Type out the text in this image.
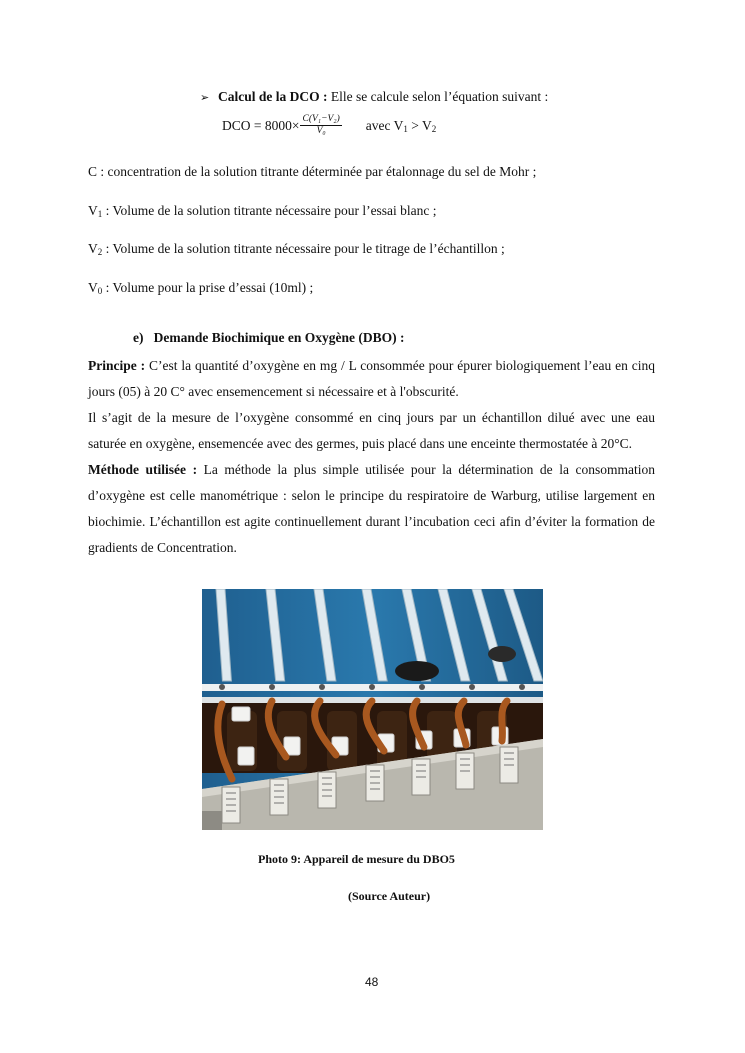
➢ Calcul de la DCO : Elle se calcule selon l’équation suivant :
DCO = $8000\times \frac{\text{C(V₁−V₂)}}{\text{V₀}}$ avec $V_1 > V_2$
C : concentration de la solution titrante déterminée par étalonnage du sel de Mohr ;
$V_1$ : Volume de la solution titrante nécessaire pour l’essai blanc ;
$V_2$ : Volume de la solution titrante nécessaire pour le titrage de l’échantillon ;
$V_0$ : Volume pour la prise d’essai (10ml) ;
e)   Demande Biochimique en Oxygène (DBO) :

Principe : C’est la quantité d’oxygène en mg / L consommée pour épurer biologiquement l’eau en cinq jours (05) à 20 C° avec ensemencement si nécessaire et à l'obscurité.

Il s’agit de la mesure de l’oxygène consommé en cinq jours par un échantillon dilué avec une eau saturée en oxygène, ensemencée avec des germes, puis placé dans une enceinte thermostatée à 20°C.

Méthode utilisée : La méthode la plus simple utilisée pour la détermination de la consommation d’oxygène est celle manométrique : selon le principe du respiratoire de Warburg, utilise largement en biochimie. L’échantillon est agite continuellement durant l’incubation ceci afin d’éviter la formation de gradients de Concentration.

Photo 9: Appareil de mesure du DBO5
(Source Auteur)
48
